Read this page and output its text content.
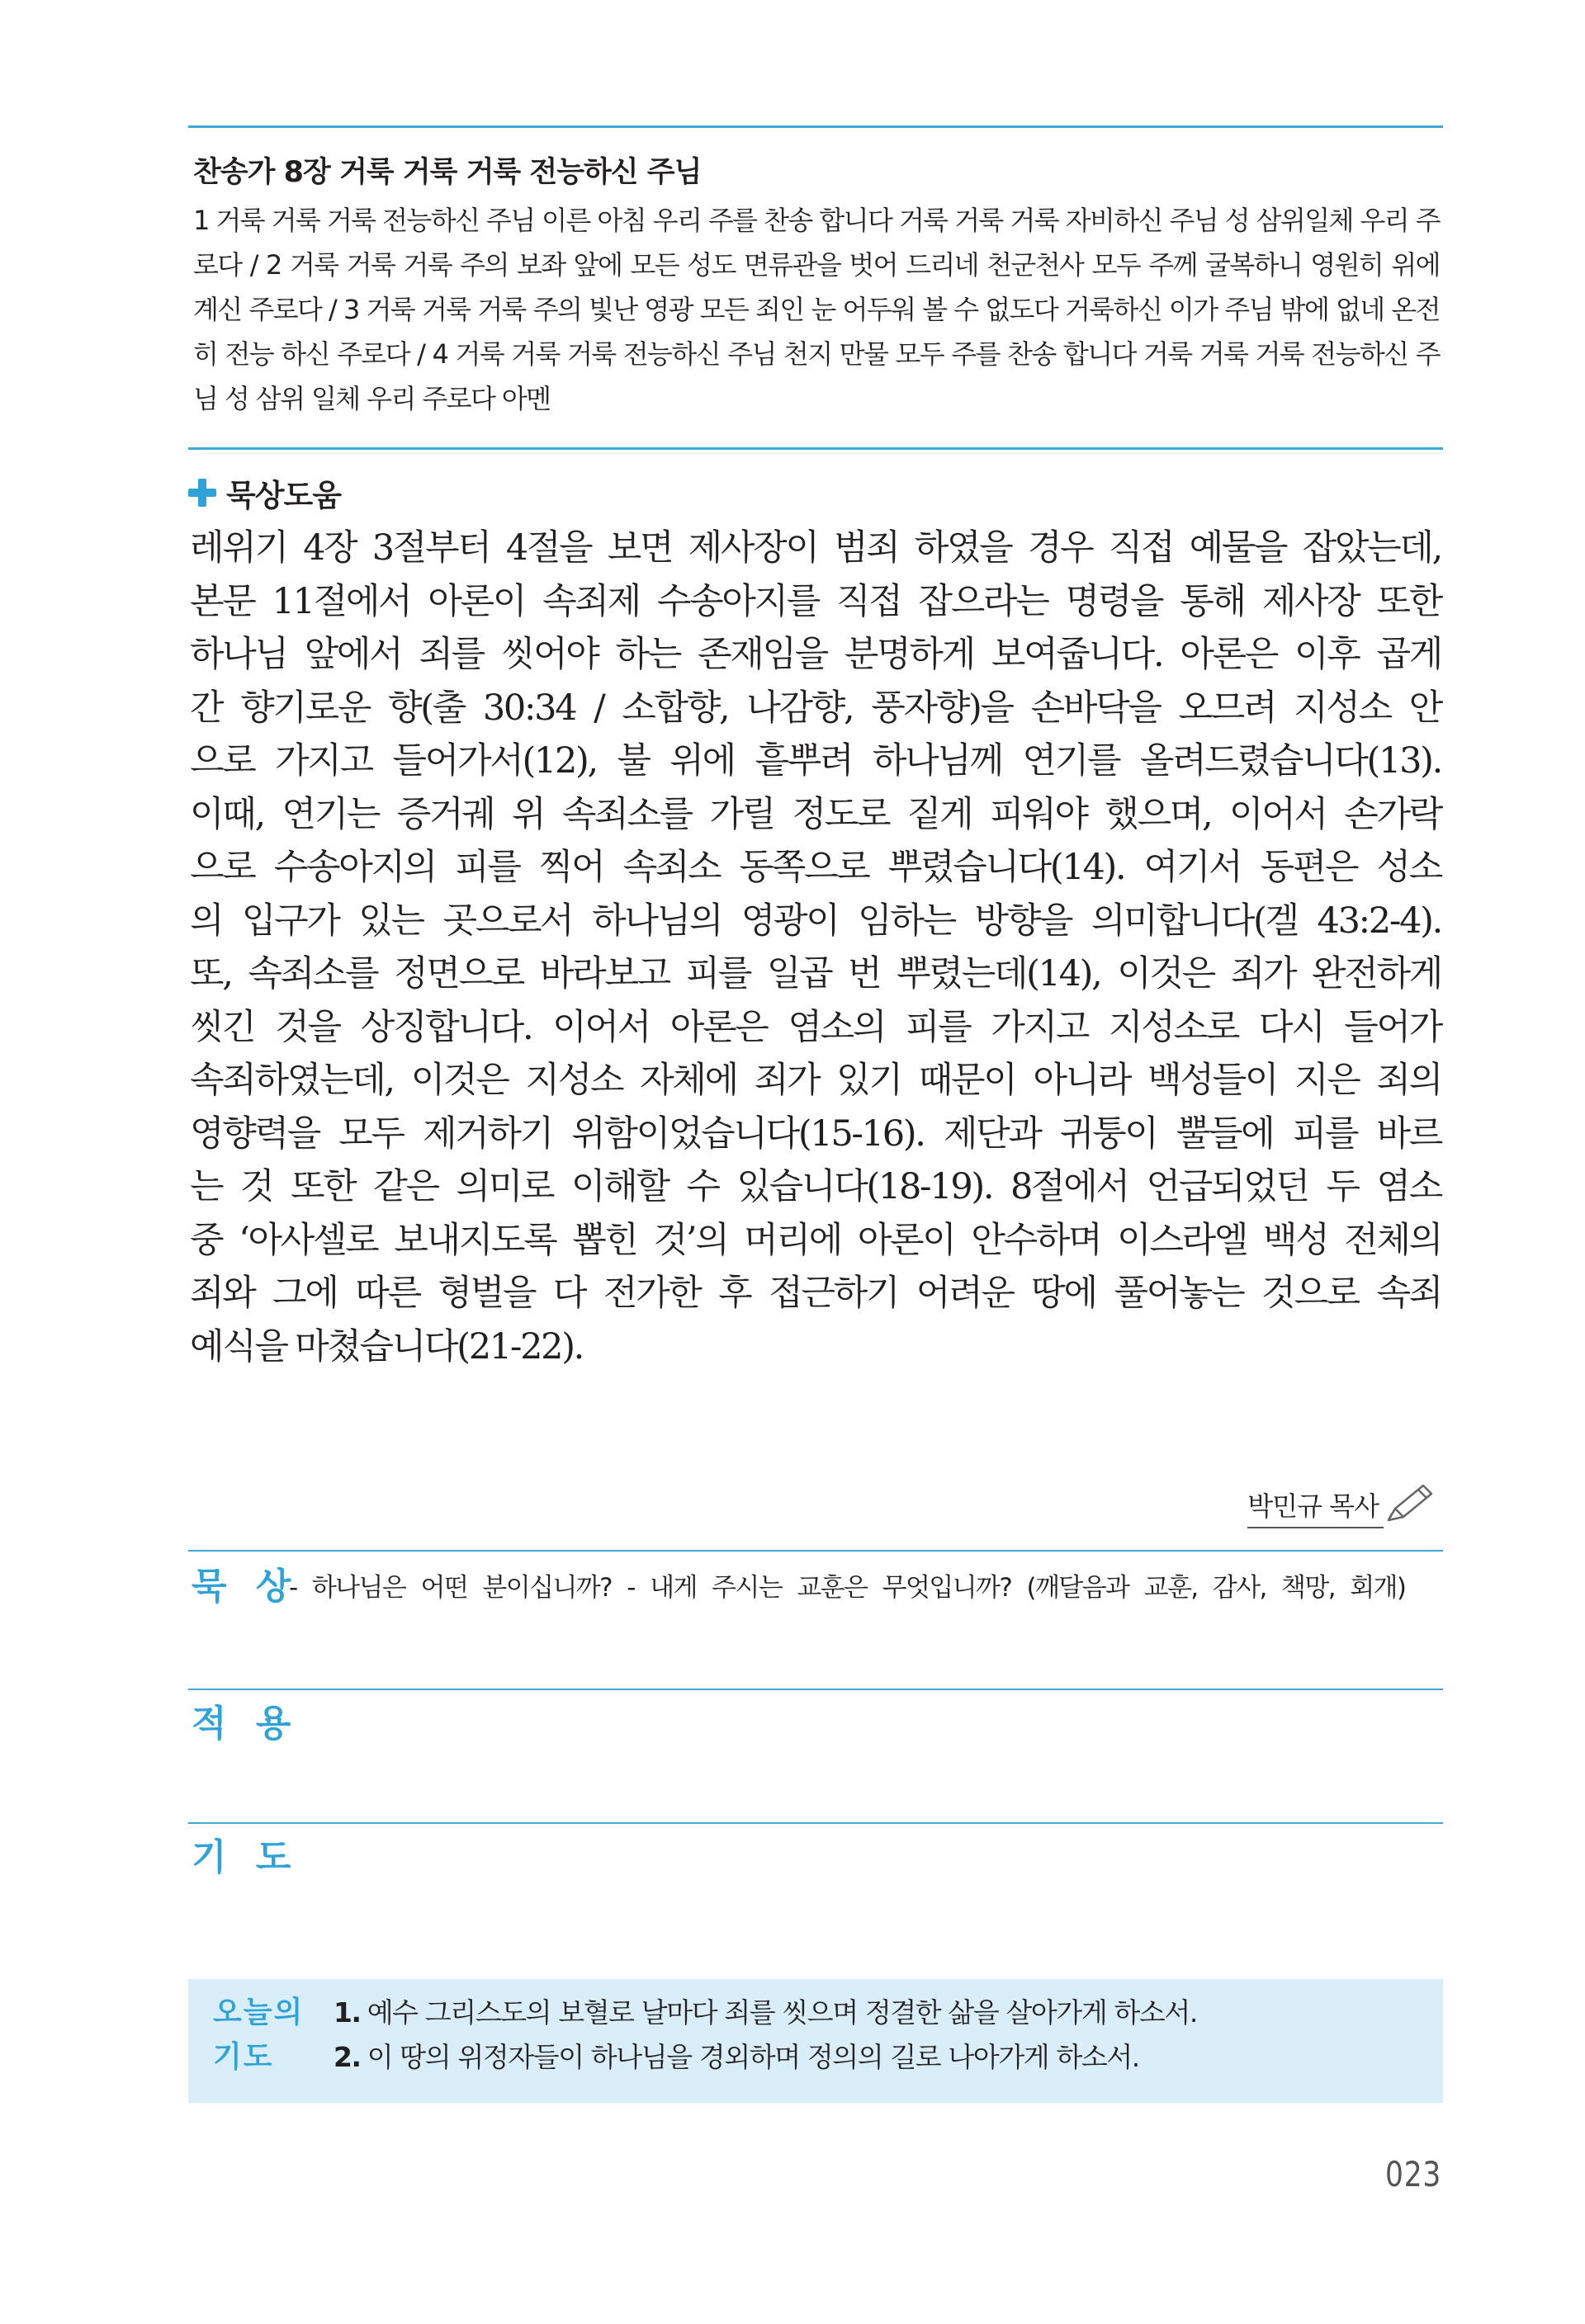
찬송가 8장 거룩 거룩 거룩 전능하신 주님
1 거룩 거룩 거룩 전능하신 주님 이른 아침 우리 주를 찬송 합니다 거룩 거룩 거룩 자비하신 주님 성 삼위일체 우리 주로다 / 2 거룩 거룩 거룩 주의 보좌 앞에 모든 성도 면류관을 벗어 드리네 천군천사 모두 주께 굴복하니 영원히 위에 계신 주로다 / 3 거룩 거룩 거룩 주의 빛난 영광 모든 죄인 눈 어두워 볼 수 없도다 거룩하신 이가 주님 밖에 없네 온전히 전능 하신 주로다 / 4 거룩 거룩 거룩 전능하신 주님 천지 만물 모두 주를 찬송 합니다 거룩 거룩 거룩 전능하신 주님 성 삼위 일체 우리 주로다 아멘
묵상도움
레위기 4장 3절부터 4절을 보면 제사장이 범죄 하였을 경우 직접 예물을 잡았는데,
본문 11절에서 아론이 속죄제 수송아지를 직접 잡으라는 명령을 통해 제사장 또한
하나님 앞에서 죄를 씻어야 하는 존재임을 분명하게 보여줍니다. 아론은 이후 곱게
간 향기로운 향(출 30:34 / 소합향, 나감향, 풍자향)을 손바닥을 오므려 지성소 안
으로 가지고 들어가서(12), 불 위에 흩뿌려 하나님께 연기를 올려드렸습니다(13).
이때, 연기는 증거궤 위 속죄소를 가릴 정도로 짙게 피워야 했으며, 이어서 손가락
으로 수송아지의 피를 찍어 속죄소 동쪽으로 뿌렸습니다(14). 여기서 동편은 성소
의 입구가 있는 곳으로서 하나님의 영광이 임하는 방향을 의미합니다(겔 43:2-4).
또, 속죄소를 정면으로 바라보고 피를 일곱 번 뿌렸는데(14), 이것은 죄가 완전하게
씻긴 것을 상징합니다. 이어서 아론은 염소의 피를 가지고 지성소로 다시 들어가
속죄하였는데, 이것은 지성소 자체에 죄가 있기 때문이 아니라 백성들이 지은 죄의
영향력을 모두 제거하기 위함이었습니다(15-16). 제단과 귀퉁이 뿔들에 피를 바르
는 것 또한 같은 의미로 이해할 수 있습니다(18-19). 8절에서 언급되었던 두 염소
중 ‘아사셀로 보내지도록 뽑힌 것’의 머리에 아론이 안수하며 이스라엘 백성 전체의
죄와 그에 따른 형벌을 다 전가한 후 접근하기 어려운 땅에 풀어놓는 것으로 속죄
예식을 마쳤습니다(21-22).
박민규 목사
묵 상
- 하나님은 어떤 분이십니까? - 내게 주시는 교훈은 무엇입니까? (깨달음과 교훈, 감사, 책망, 회개)
적 용
기 도
오늘의
기도
1. 예수 그리스도의 보혈로 날마다 죄를 씻으며 정결한 삶을 살아가게 하소서.
2. 이 땅의 위정자들이 하나님을 경외하며 정의의 길로 나아가게 하소서.
023
